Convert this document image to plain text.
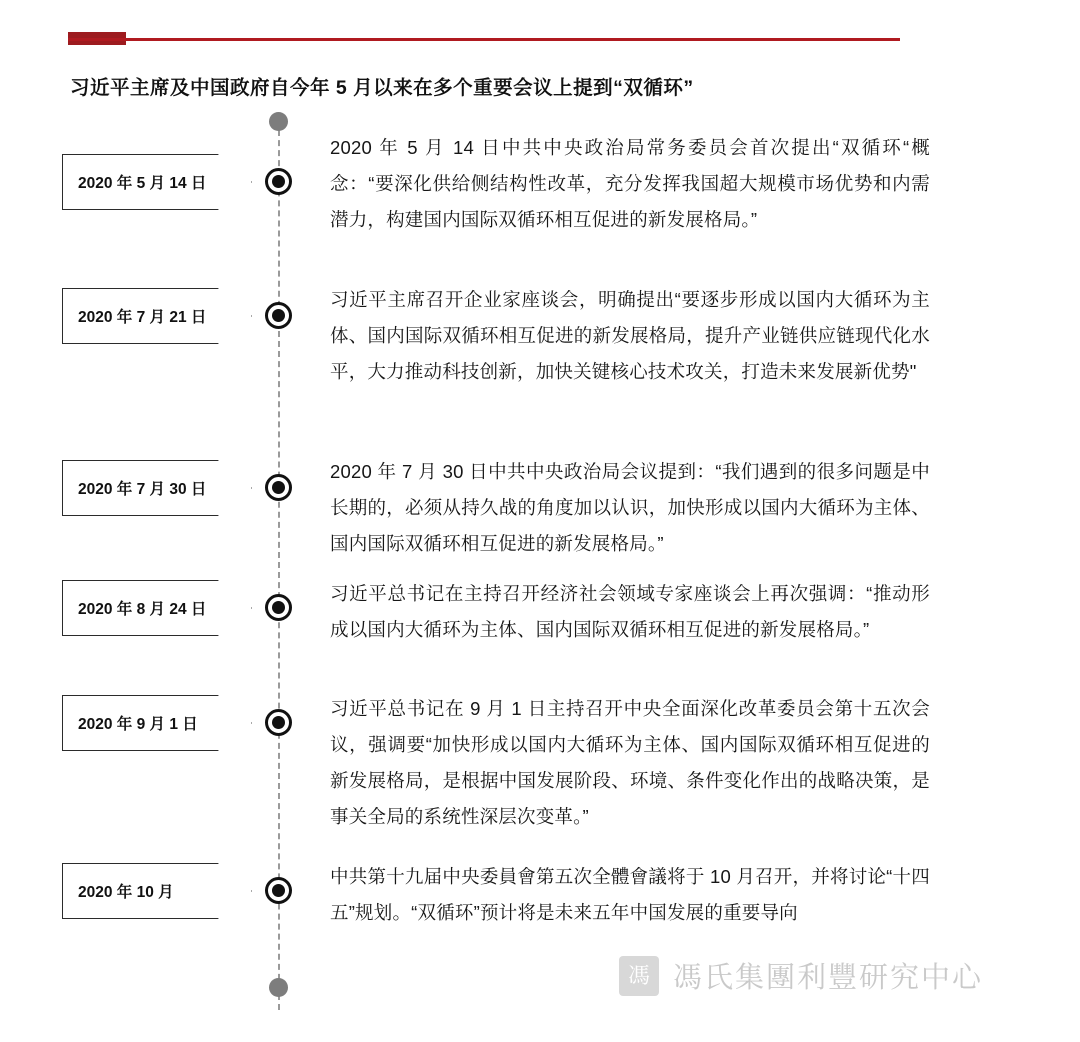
习近平主席及中国政府自今年 5 月以来在多个重要会议上提到“双循环”
2020 年 5 月 14 日
2020 年 5 月 14 日中共中央政治局常务委员会首次提出“双循环“概念：“要深化供给侧结构性改革，充分发挥我国超大规模市场优势和内需潜力，构建国内国际双循环相互促进的新发展格局。”
2020 年 7 月 21 日
习近平主席召开企业家座谈会，明确提出“要逐步形成以国内大循环为主体、国内国际双循环相互促进的新发展格局，提升产业链供应链现代化水平，大力推动科技创新，加快关键核心技术攻关，打造未来发展新优势"
2020 年 7 月 30 日
2020 年 7 月 30 日中共中央政治局会议提到：“我们遇到的很多问题是中长期的，必须从持久战的角度加以认识，加快形成以国内大循环为主体、国内国际双循环相互促进的新发展格局。”
2020 年 8 月 24 日
习近平总书记在主持召开经济社会领域专家座谈会上再次强调：“推动形成以国内大循环为主体、国内国际双循环相互促进的新发展格局。”
2020 年 9 月 1 日
习近平总书记在 9 月 1 日主持召开中央全面深化改革委员会第十五次会议，强调要“加快形成以国内大循环为主体、国内国际双循环相互促进的新发展格局，是根据中国发展阶段、环境、条件变化作出的战略决策，是事关全局的系统性深层次变革。”
2020 年 10 月
中共第十九届中央委員會第五次全體會議将于 10 月召开，并将讨论“十四五”规划。“双循环”预计将是未来五年中国发展的重要导向
馮 馮氏集團利豐研究中心
